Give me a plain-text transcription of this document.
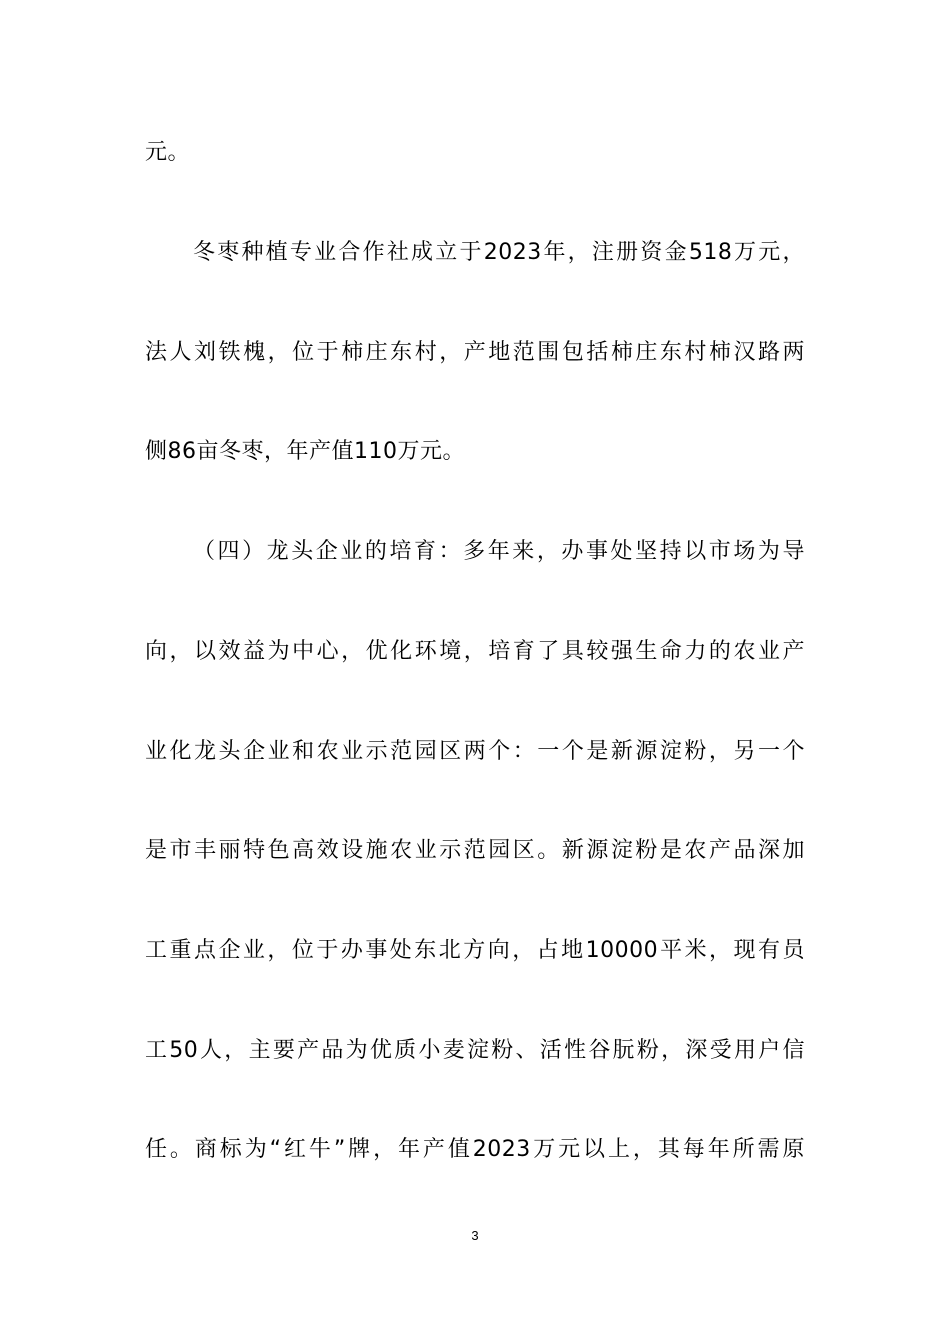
元。
冬枣种植专业合作社成立于2023年，注册资金518万元，
法人刘铁槐，位于柿庄东村，产地范围包括柿庄东村柿汉路两
侧86亩冬枣，年产值110万元。
（四）龙头企业的培育：多年来，办事处坚持以市场为导
向，以效益为中心，优化环境，培育了具较强生命力的农业产
业化龙头企业和农业示范园区两个：一个是新源淀粉，另一个
是市丰丽特色高效设施农业示范园区。新源淀粉是农产品深加
工重点企业，位于办事处东北方向，占地10000平米，现有员
工50人，主要产品为优质小麦淀粉、活性谷朊粉，深受用户信
任。商标为“红牛”牌，年产值2023万元以上，其每年所需原
3
